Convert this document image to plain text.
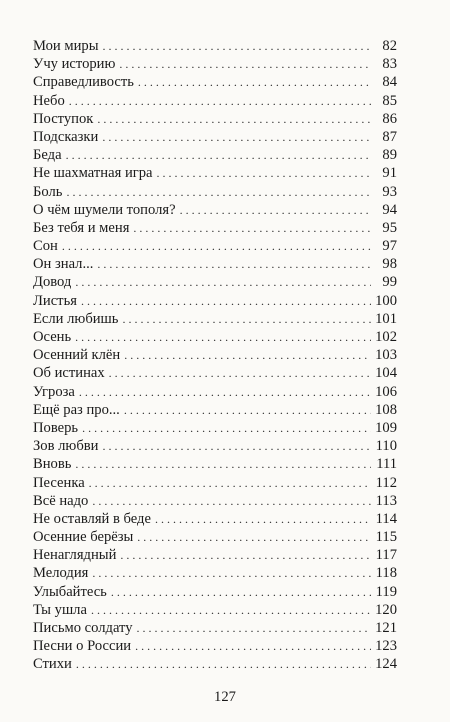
Мои миры . . .	82
Учу историю . . .	83
Справедливость . . .	84
Небо . . .	85
Поступок . . .	86
Подсказки . . .	87
Беда . . .	89
Не шахматная игра . . .	91
Боль . . .	93
О чём шумели тополя? . . .	94
Без тебя и меня . . .	95
Сон . . .	97
Он знал... . . .	98
Довод . . .	99
Листья . . .	100
Если любишь . . .	101
Осень . . .	102
Осенний клён . . .	103
Об истинах . . .	104
Угроза . . .	106
Ещё раз про... . . .	108
Поверь . . .	109
Зов любви . . .	110
Вновь . . .	111
Песенка . . .	112
Всё надо . . .	113
Не оставляй в беде . . .	114
Осенние берёзы . . .	115
Ненаглядный . . .	117
Мелодия . . .	118
Улыбайтесь . . .	119
Ты ушла . . .	120
Письмо солдату . . .	121
Песни о России . . .	123
Стихи . . .	124
127
